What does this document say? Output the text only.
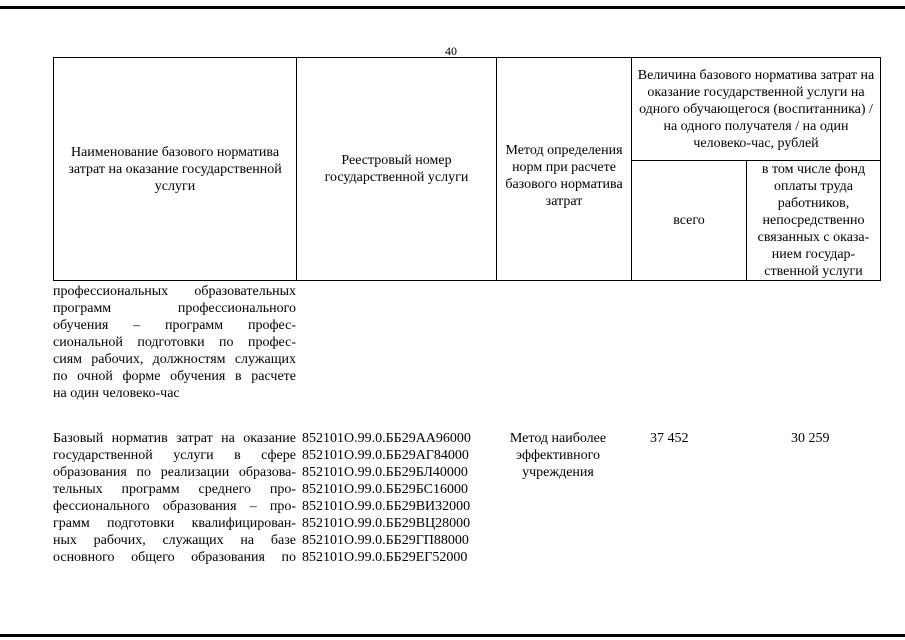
40
Наименование базового норматива затрат на оказание государственной услуги
Реестровый номер государственной услуги
Метод определения норм при расчете базового норматива затрат
Величина базового норматива затрат на оказание государственной услуги на одного обучающегося (воспитанника) / на одного получателя / на один человеко-час, рублей
всего
в том числе фонд оплаты труда работников, непосредственно связанных с оказа-нием государ-ственной услуги
профессиональных образовательных
программ профессионального
обучения – программ профес-
сиональной подготовки по профес-
сиям рабочих, должностям служащих
по очной форме обучения в расчете
на один человеко-час
Базовый норматив затрат на оказание
государственной услуги в сфере
образования по реализации образова-
тельных программ среднего про-
фессионального образования – про-
грамм подготовки квалифицирован-
ных рабочих, служащих на базе
основного общего образования по
852101О.99.0.ББ29АА96000
852101О.99.0.ББ29АГ84000
852101О.99.0.ББ29БЛ40000
852101О.99.0.ББ29БС16000
852101О.99.0.ББ29ВИ32000
852101О.99.0.ББ29ВЦ28000
852101О.99.0.ББ29ГП88000
852101О.99.0.ББ29ЕГ52000
Метод наиболее эффективного учреждения
37 452	30 259
